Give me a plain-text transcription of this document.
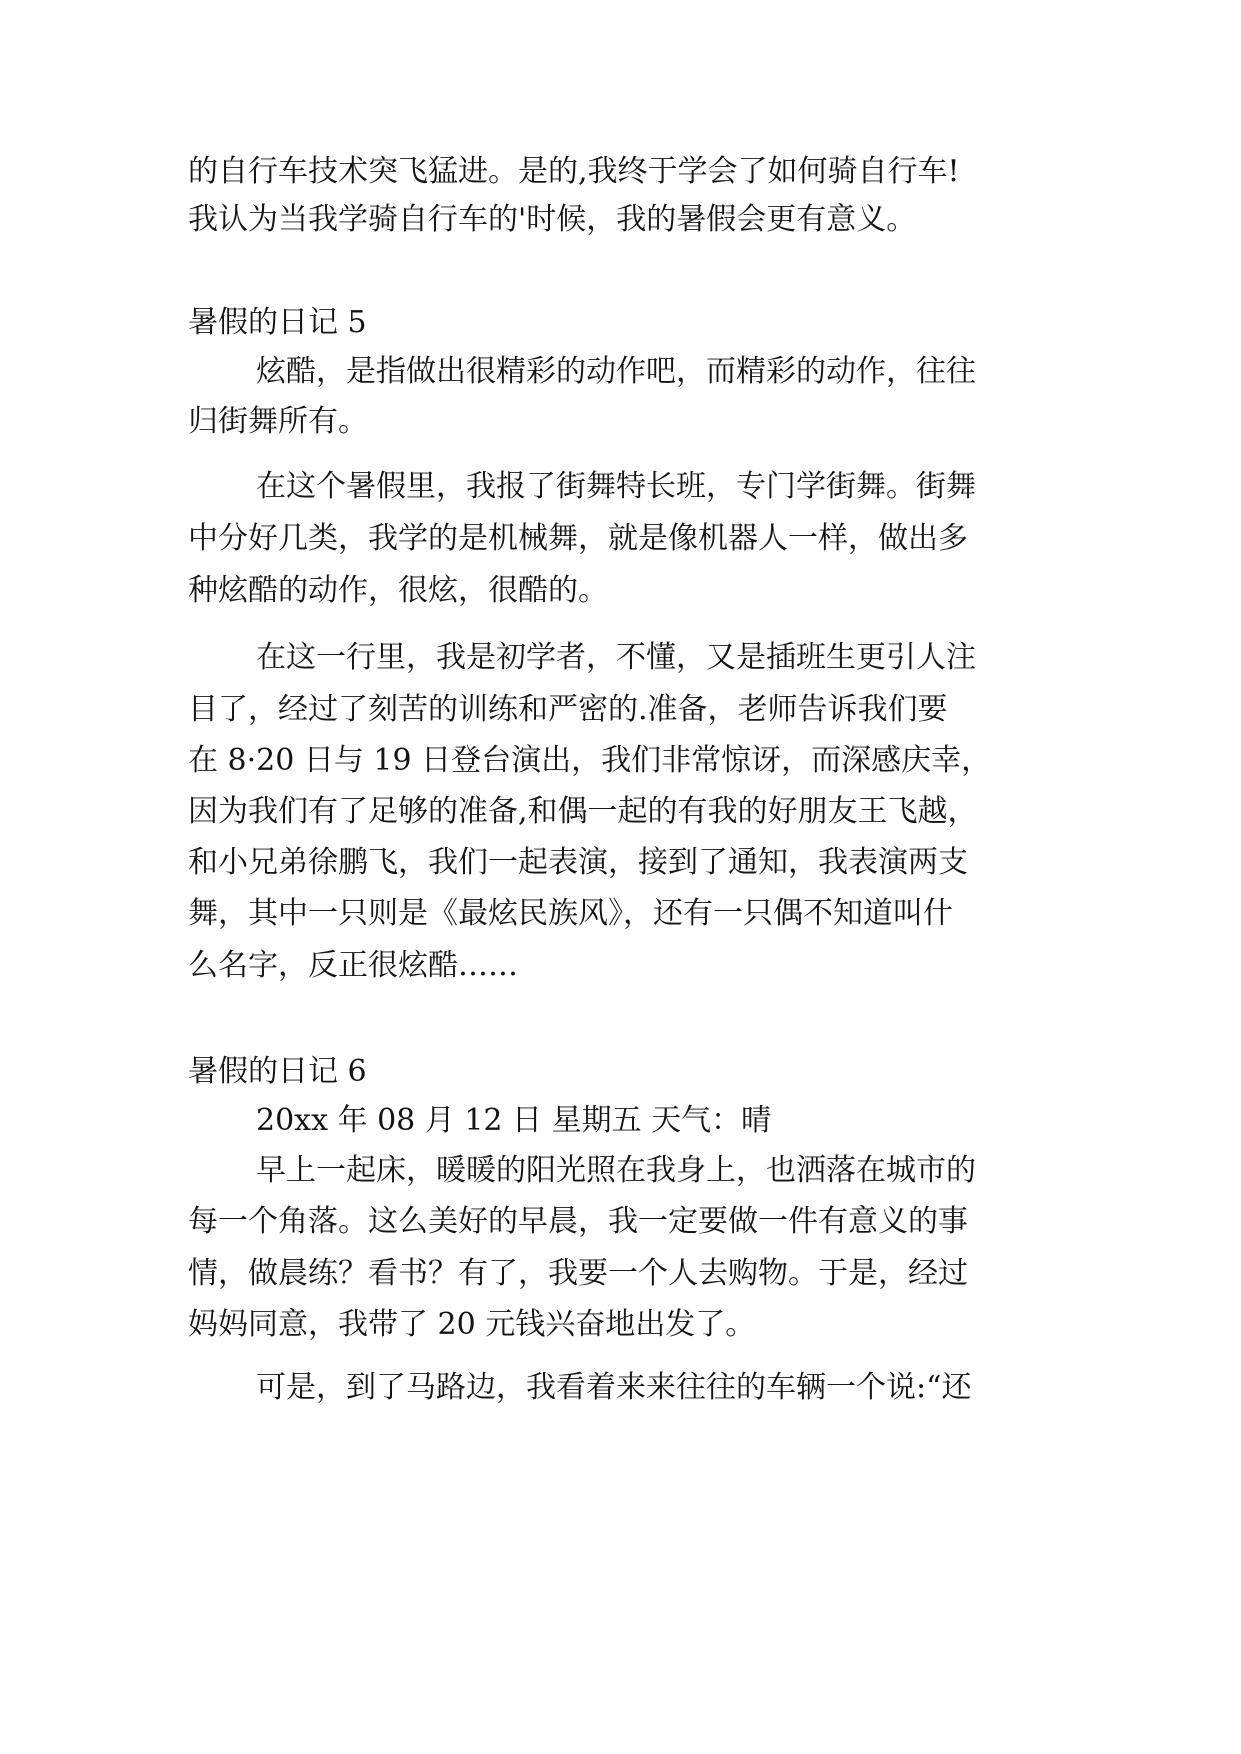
的自行车技术突飞猛进。是的,我终于学会了如何骑自行车!
我认为当我学骑自行车的'时候，我的暑假会更有意义。
暑假的日记 5
炫酷，是指做出很精彩的动作吧，而精彩的动作，往往
归街舞所有。
在这个暑假里，我报了街舞特长班，专门学街舞。街舞
中分好几类，我学的是机械舞，就是像机器人一样，做出多
种炫酷的动作，很炫，很酷的。
在这一行里，我是初学者，不懂，又是插班生更引人注
目了，经过了刻苦的训练和严密的.准备，老师告诉我们要
在 8·20 日与 19 日登台演出，我们非常惊讶，而深感庆幸，
因为我们有了足够的准备,和偶一起的有我的好朋友王飞越，
和小兄弟徐鹏飞，我们一起表演，接到了通知，我表演两支
舞，其中一只则是《最炫民族风》，还有一只偶不知道叫什
么名字，反正很炫酷……
暑假的日记 6
20xx 年 08 月 12 日 星期五 天气：晴
早上一起床，暖暖的阳光照在我身上，也洒落在城市的
每一个角落。这么美好的早晨，我一定要做一件有意义的事
情，做晨练？看书？有了，我要一个人去购物。于是，经过
妈妈同意，我带了 20 元钱兴奋地出发了。
可是，到了马路边，我看着来来往往的车辆一个说:“还
